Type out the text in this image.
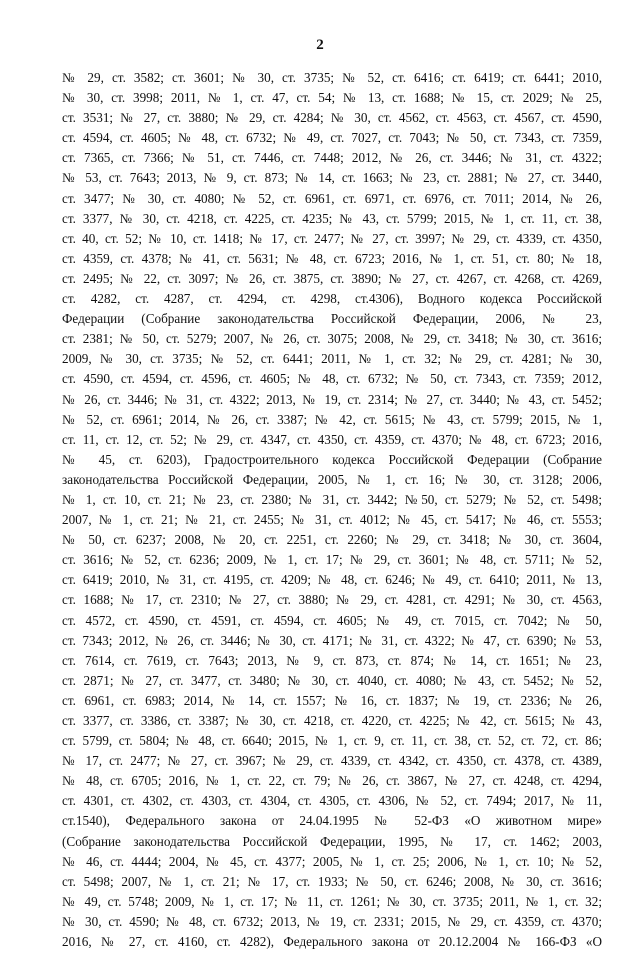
2
№ 29, ст. 3582; ст. 3601; № 30, ст. 3735; № 52, ст. 6416; ст. 6419; ст. 6441; 2010,
№ 30, ст. 3998; 2011, № 1, ст. 47, ст. 54; № 13, ст. 1688; № 15, ст. 2029; № 25,
ст. 3531; № 27, ст. 3880; № 29, ст. 4284; № 30, ст. 4562, ст. 4563, ст. 4567, ст. 4590,
ст. 4594, ст. 4605; № 48, ст. 6732; № 49, ст. 7027, ст. 7043; № 50, ст. 7343, ст. 7359,
ст. 7365, ст. 7366; № 51, ст. 7446, ст. 7448; 2012, № 26, ст. 3446; № 31, ст. 4322;
№ 53, ст. 7643; 2013, № 9, ст. 873; № 14, ст. 1663; № 23, ст. 2881; № 27, ст. 3440,
ст. 3477; № 30, ст. 4080; № 52, ст. 6961, ст. 6971, ст. 6976, ст. 7011; 2014, № 26,
ст. 3377, № 30, ст. 4218, ст. 4225, ст. 4235; № 43, ст. 5799; 2015, № 1, ст. 11, ст. 38,
ст. 40, ст. 52; № 10, ст. 1418; № 17, ст. 2477; № 27, ст. 3997; № 29, ст. 4339, ст. 4350,
ст. 4359, ст. 4378; № 41, ст. 5631; № 48, ст. 6723; 2016, № 1, ст. 51, ст. 80; № 18,
ст. 2495; № 22, ст. 3097; № 26, ст. 3875, ст. 3890; № 27, ст. 4267, ст. 4268, ст. 4269,
ст. 4282, ст. 4287, ст. 4294, ст. 4298, ст.4306), Водного кодекса Российской
Федерации (Собрание законодательства Российской Федерации, 2006, № 23,
ст. 2381; № 50, ст. 5279; 2007, № 26, ст. 3075; 2008, № 29, ст. 3418; № 30, ст. 3616;
2009, № 30, ст. 3735; № 52, ст. 6441; 2011, № 1, ст. 32; № 29, ст. 4281; № 30,
ст. 4590, ст. 4594, ст. 4596, ст. 4605; № 48, ст. 6732; № 50, ст. 7343, ст. 7359; 2012,
№ 26, ст. 3446; № 31, ст. 4322; 2013, № 19, ст. 2314; № 27, ст. 3440; № 43, ст. 5452;
№ 52, ст. 6961; 2014, № 26, ст. 3387; № 42, ст. 5615; № 43, ст. 5799; 2015, № 1,
ст. 11, ст. 12, ст. 52; № 29, ст. 4347, ст. 4350, ст. 4359, ст. 4370; № 48, ст. 6723; 2016,
№ 45, ст. 6203), Градостроительного кодекса Российской Федерации (Собрание
законодательства Российской Федерации, 2005, № 1, ст. 16; № 30, ст. 3128; 2006,
№ 1, ст. 10, ст. 21; № 23, ст. 2380; № 31, ст. 3442; №50, ст. 5279; № 52, ст. 5498;
2007, № 1, ст. 21; № 21, ст. 2455; № 31, ст. 4012; № 45, ст. 5417; № 46, ст. 5553;
№ 50, ст. 6237; 2008, № 20, ст. 2251, ст. 2260; № 29, ст. 3418; № 30, ст. 3604,
ст. 3616; № 52, ст. 6236; 2009, № 1, ст. 17; № 29, ст. 3601; № 48, ст. 5711; № 52,
ст. 6419; 2010, № 31, ст. 4195, ст. 4209; № 48, ст. 6246; № 49, ст. 6410; 2011, № 13,
ст. 1688; № 17, ст. 2310; № 27, ст. 3880; № 29, ст. 4281, ст. 4291; № 30, ст. 4563,
ст. 4572, ст. 4590, ст. 4591, ст. 4594, ст. 4605; № 49, ст. 7015, ст. 7042; № 50,
ст. 7343; 2012, № 26, ст. 3446; № 30, ст. 4171; № 31, ст. 4322; № 47, ст. 6390; № 53,
ст. 7614, ст. 7619, ст. 7643; 2013, № 9, ст. 873, ст. 874; № 14, ст. 1651; № 23,
ст. 2871; № 27, ст. 3477, ст. 3480; № 30, ст. 4040, ст. 4080; № 43, ст. 5452; № 52,
ст. 6961, ст. 6983; 2014, № 14, ст. 1557; № 16, ст. 1837; № 19, ст. 2336; № 26,
ст. 3377, ст. 3386, ст. 3387; № 30, ст. 4218, ст. 4220, ст. 4225; № 42, ст. 5615; № 43,
ст. 5799, ст. 5804; № 48, ст. 6640; 2015, № 1, ст. 9, ст. 11, ст. 38, ст. 52, ст. 72, ст. 86;
№ 17, ст. 2477; № 27, ст. 3967; № 29, ст. 4339, ст. 4342, ст. 4350, ст. 4378, ст. 4389,
№ 48, ст. 6705; 2016, № 1, ст. 22, ст. 79; № 26, ст. 3867, № 27, ст. 4248, ст. 4294,
ст. 4301, ст. 4302, ст. 4303, ст. 4304, ст. 4305, ст. 4306, № 52, ст. 7494; 2017, № 11,
ст.1540), Федерального закона от 24.04.1995 № 52-ФЗ «О животном мире»
(Собрание законодательства Российской Федерации, 1995, № 17, ст. 1462; 2003,
№ 46, ст. 4444; 2004, № 45, ст. 4377; 2005, № 1, ст. 25; 2006, № 1, ст. 10; № 52,
ст. 5498; 2007, № 1, ст. 21; № 17, ст. 1933; № 50, ст. 6246; 2008, № 30, ст. 3616;
№ 49, ст. 5748; 2009, № 1, ст. 17; № 11, ст. 1261; № 30, ст. 3735; 2011, № 1, ст. 32;
№ 30, ст. 4590; № 48, ст. 6732; 2013, № 19, ст. 2331; 2015, № 29, ст. 4359, ст. 4370;
2016, № 27, ст. 4160, ст. 4282), Федерального закона от 20.12.2004 № 166-ФЗ «О
